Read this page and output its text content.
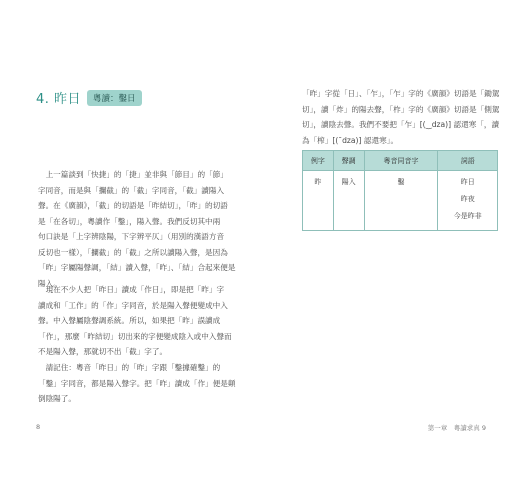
4. 昨日	粵讀：鑿日
　上一篇談到「快捷」的「捷」並非與「節目」的「節」
字同音，而是與「攔截」的「截」字同音，「截」讀陽入
聲。在《廣韻》，「截」的切語是「昨結切」，「昨」的切語
是「在各切」，粵讀作「鑿」，陽入聲。我們反切其中兩
句口訣是「上字辨陰陽，下字辨平仄」（用別的漢語方音
反切也一樣），「攔截」的「截」之所以讀陽入聲，是因為
「昨」字屬陽聲調，「結」讀入聲，「昨」、「結」合起來便是
陽入。
　現在不少人把「昨日」讀成「作日」，即是把「昨」字
讀成和「工作」的「作」字同音，於是陽入聲便變成中入
聲。中入聲屬陰聲調系統。所以，如果把「昨」誤讀成
「作」，那麼「昨結切」切出來的字便變成陰入或中入聲而
不是陽入聲，那就切不出「截」字了。
　請記住：粵音「昨日」的「昨」字跟「鑿據確鑿」的
「鑿」字同音，都是陽入聲字。把「昨」讀成「作」便是顛
倒陰陽了。
8
「昨」字從「日」、「乍」，「乍」字的《廣韻》切語是「鋤駕
切」，讀「炸」的陽去聲，「柞」字的《廣韻》切語是「側駕
切」，讀陰去聲。我們不要把「乍」[(‿dza)] 認還寒「，讀
為「榨」[(ˉdza)] 認還寒」。
例字	聲調	粵音同音字	詞語
昨	陽入	鑿	昨日
昨夜
今是昨非
第一章　粵讀求真 9
